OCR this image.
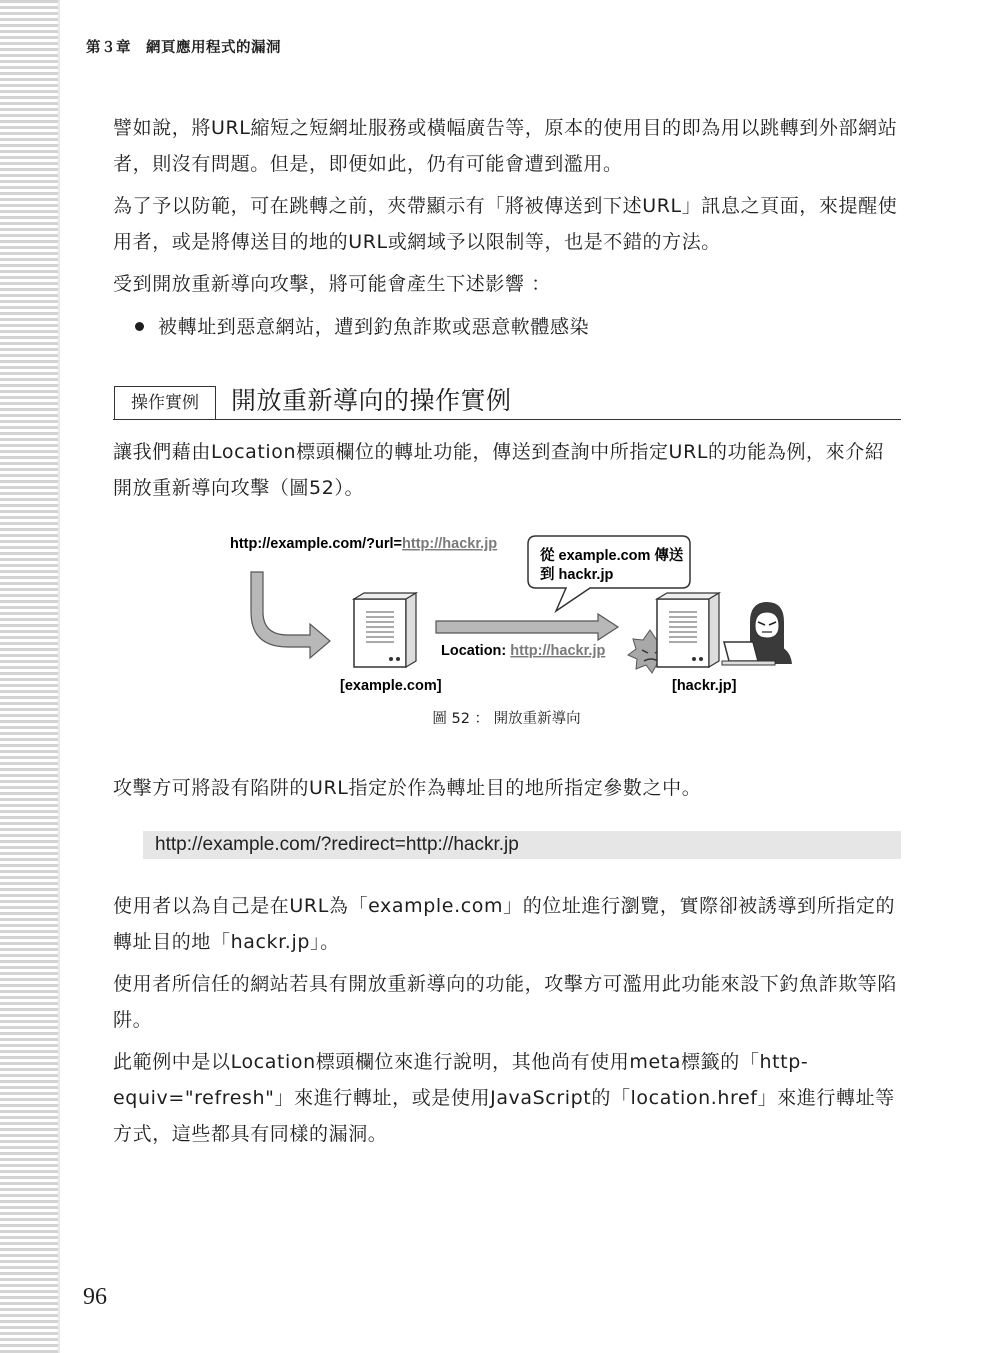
第３章　網頁應用程式的漏洞

譬如說，將URL縮短之短網址服務或橫幅廣告等，原本的使用目的即為用以跳轉到外部網站者，則沒有問題。但是，即便如此，仍有可能會遭到濫用。

為了予以防範，可在跳轉之前，夾帶顯示有「將被傳送到下述URL」訊息之頁面，來提醒使用者，或是將傳送目的地的URL或網域予以限制等，也是不錯的方法。

受到開放重新導向攻擊，將可能會產生下述影響 ：

被轉址到惡意網站，遭到釣魚詐欺或惡意軟體感染
操作實例	開放重新導向的操作實例

讓我們藉由Location標頭欄位的轉址功能，傳送到查詢中所指定URL的功能為例，來介紹開放重新導向攻擊（圖52）。

http://example.com/?url=http://hackr.jp
從 example.com 傳送
到 hackr.jp
Location: http://hackr.jp
[example.com]	[hackr.jp]
圖 52 ： 開放重新導向

攻擊方可將設有陷阱的URL指定於作為轉址目的地所指定參數之中。

http://example.com/?redirect=http://hackr.jp

使用者以為自己是在URL為「example.com」的位址進行瀏覽，實際卻被誘導到所指定的轉址目的地「hackr.jp」。

使用者所信任的網站若具有開放重新導向的功能，攻擊方可濫用此功能來設下釣魚詐欺等陷阱。

此範例中是以Location標頭欄位來進行說明，其他尚有使用meta標籤的「http-equiv="refresh"」來進行轉址，或是使用JavaScript的「location.href」來進行轉址等方式，這些都具有同樣的漏洞。

96
